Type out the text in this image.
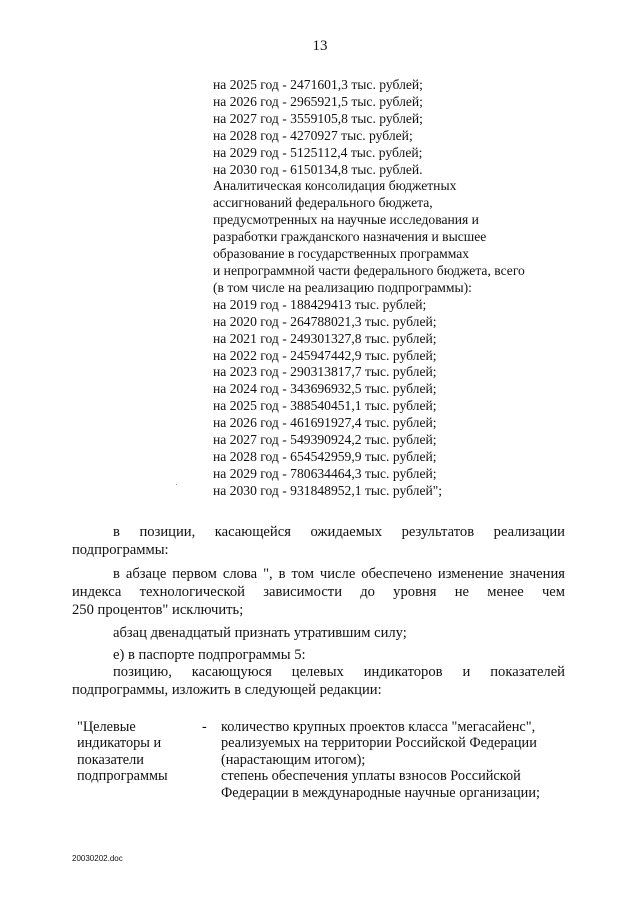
13
на 2025 год - 2471601,3 тыс. рублей;
на 2026 год - 2965921,5 тыс. рублей;
на 2027 год - 3559105,8 тыс. рублей;
на 2028 год - 4270927 тыс. рублей;
на 2029 год - 5125112,4 тыс. рублей;
на 2030 год - 6150134,8 тыс. рублей.
Аналитическая консолидация бюджетных
ассигнований федерального бюджета,
предусмотренных на научные исследования и
разработки гражданского назначения и высшее
образование в государственных программах
и непрограммной части федерального бюджета, всего
(в том числе на реализацию подпрограммы):
на 2019 год - 188429413 тыс. рублей;
на 2020 год - 264788021,3 тыс. рублей;
на 2021 год - 249301327,8 тыс. рублей;
на 2022 год - 245947442,9 тыс. рублей;
на 2023 год - 290313817,7 тыс. рублей;
на 2024 год - 343696932,5 тыс. рублей;
на 2025 год - 388540451,1 тыс. рублей;
на 2026 год - 461691927,4 тыс. рублей;
на 2027 год - 549390924,2 тыс. рублей;
на 2028 год - 654542959,9 тыс. рублей;
на 2029 год - 780634464,3 тыс. рублей;
на 2030 год - 931848952,1 тыс. рублей";
в позиции, касающейся ожидаемых результатов реализации
подпрограммы:
в абзаце первом слова ", в том числе обеспечено изменение значения
индекса технологической зависимости до уровня не менее чем
250 процентов" исключить;
абзац двенадцатый признать утратившим силу;
е) в паспорте подпрограммы 5:
позицию, касающуюся целевых индикаторов и показателей
подпрограммы, изложить в следующей редакции:
"Целевые
индикаторы и
показатели
подпрограммы
- количество крупных проектов класса "мегасайенс",
реализуемых на территории Российской Федерации
(нарастающим итогом);
степень обеспечения уплаты взносов Российской
Федерации в международные научные организации;
20030202.doc
